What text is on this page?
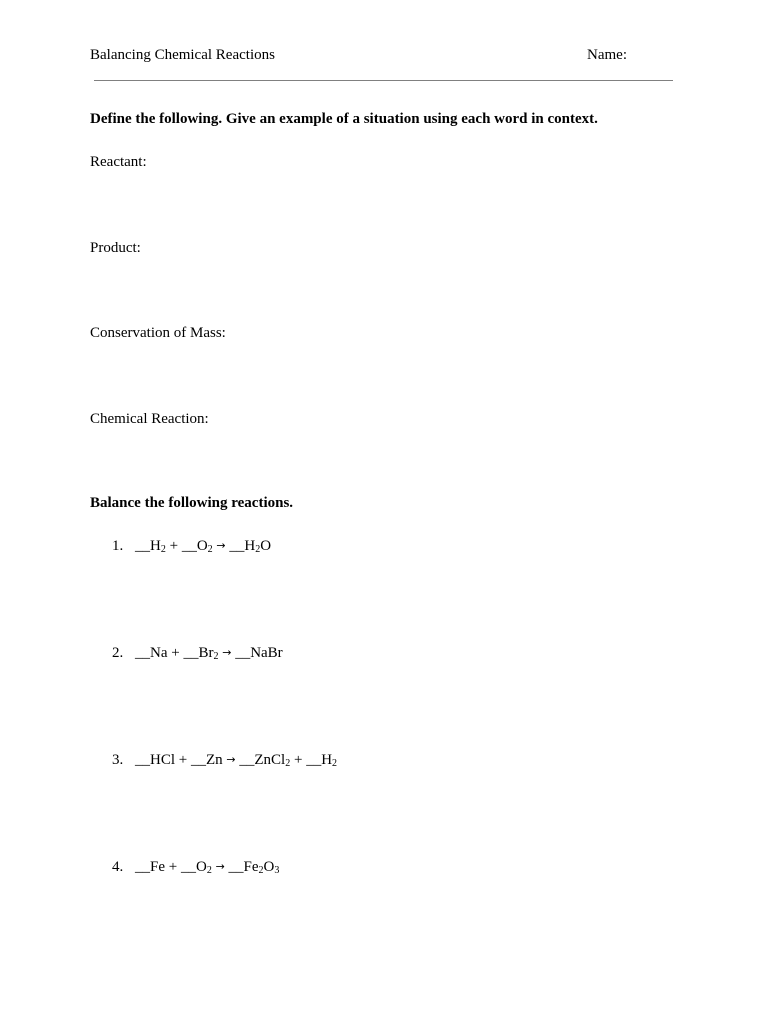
Balancing Chemical Reactions	Name:
Define the following. Give an example of a situation using each word in context.
Reactant:
Product:
Conservation of Mass:
Chemical Reaction:
Balance the following reactions.
1. $\_\_H_2$ + $\_\_O_2$ → $\_\_H_2O$
2. __Na + $\_\_Br_2$ → __NaBr
3. __HCl + __Zn → __ZnCl$_2$ + $\_\_H_2$
4. __Fe + $\_\_O_2$ → $\_\_Fe_2O_3$
